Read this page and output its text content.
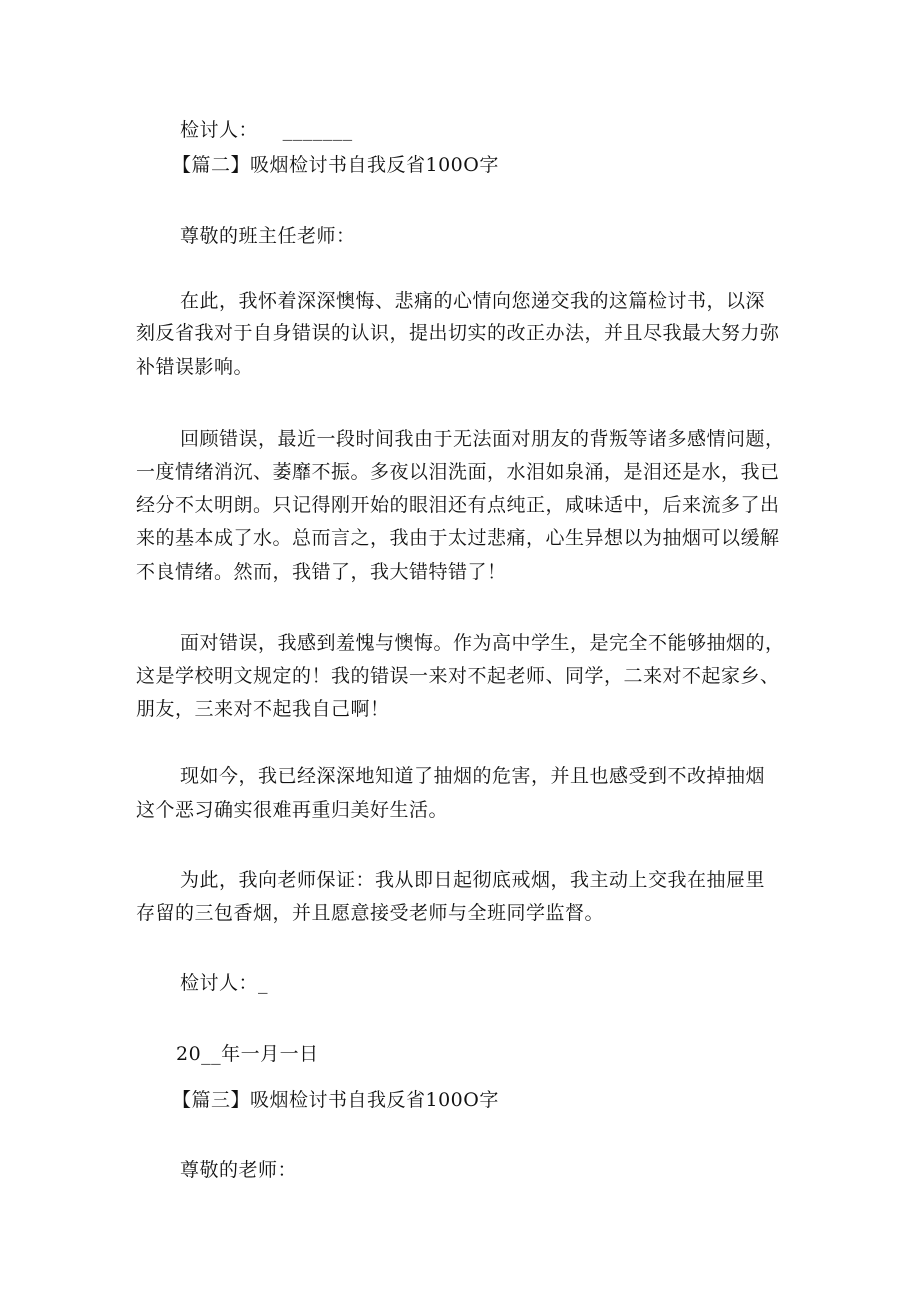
检讨人： _______
【篇二】吸烟检讨书自我反省100O字
尊敬的班主任老师：
在此，我怀着深深懊悔、悲痛的心情向您递交我的这篇检讨书，以深
刻反省我对于自身错误的认识，提出切实的改正办法，并且尽我最大努力弥
补错误影响。
回顾错误，最近一段时间我由于无法面对朋友的背叛等诸多感情问题，
一度情绪消沉、萎靡不振。多夜以泪洗面，水泪如泉涌，是泪还是水，我已
经分不太明朗。只记得刚开始的眼泪还有点纯正，咸味适中，后来流多了出
来的基本成了水。总而言之，我由于太过悲痛，心生异想以为抽烟可以缓解
不良情绪。然而，我错了，我大错特错了！
面对错误，我感到羞愧与懊悔。作为高中学生，是完全不能够抽烟的，
这是学校明文规定的！我的错误一来对不起老师、同学，二来对不起家乡、
朋友，三来对不起我自己啊！
现如今，我已经深深地知道了抽烟的危害，并且也感受到不改掉抽烟
这个恶习确实很难再重归美好生活。
为此，我向老师保证：我从即日起彻底戒烟，我主动上交我在抽屉里
存留的三包香烟，并且愿意接受老师与全班同学监督。
检讨人：_
20__年一月一日
【篇三】吸烟检讨书自我反省100O字
尊敬的老师：
